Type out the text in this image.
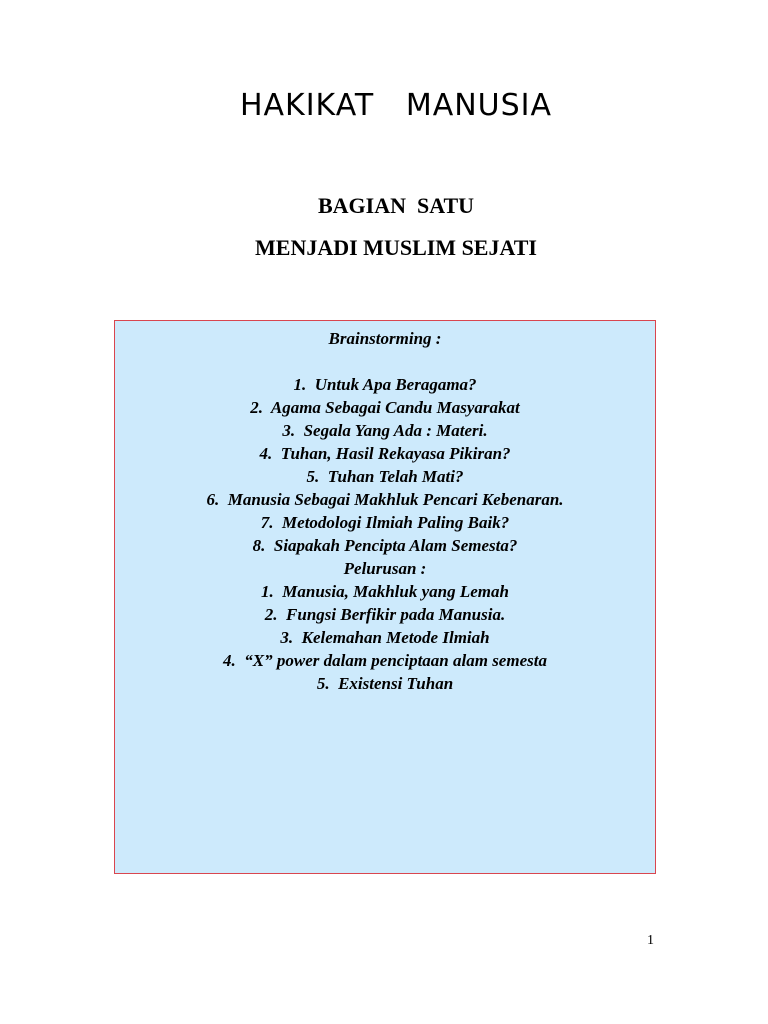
HAKIKAT   MANUSIA
BAGIAN  SATU
MENJADI MUSLIM SEJATI
Brainstorming :
1.  Untuk Apa Beragama?
2.  Agama Sebagai Candu Masyarakat
3.  Segala Yang Ada : Materi.
4.  Tuhan, Hasil Rekayasa Pikiran?
5.  Tuhan Telah Mati?
6.  Manusia Sebagai Makhluk Pencari Kebenaran.
7.  Metodologi Ilmiah Paling Baik?
8.  Siapakah Pencipta Alam Semesta?
Pelurusan :
1.  Manusia, Makhluk yang Lemah
2.  Fungsi Berfikir pada Manusia.
3.  Kelemahan Metode Ilmiah
4.  “X” power dalam penciptaan alam semesta
5.  Existensi Tuhan
1
